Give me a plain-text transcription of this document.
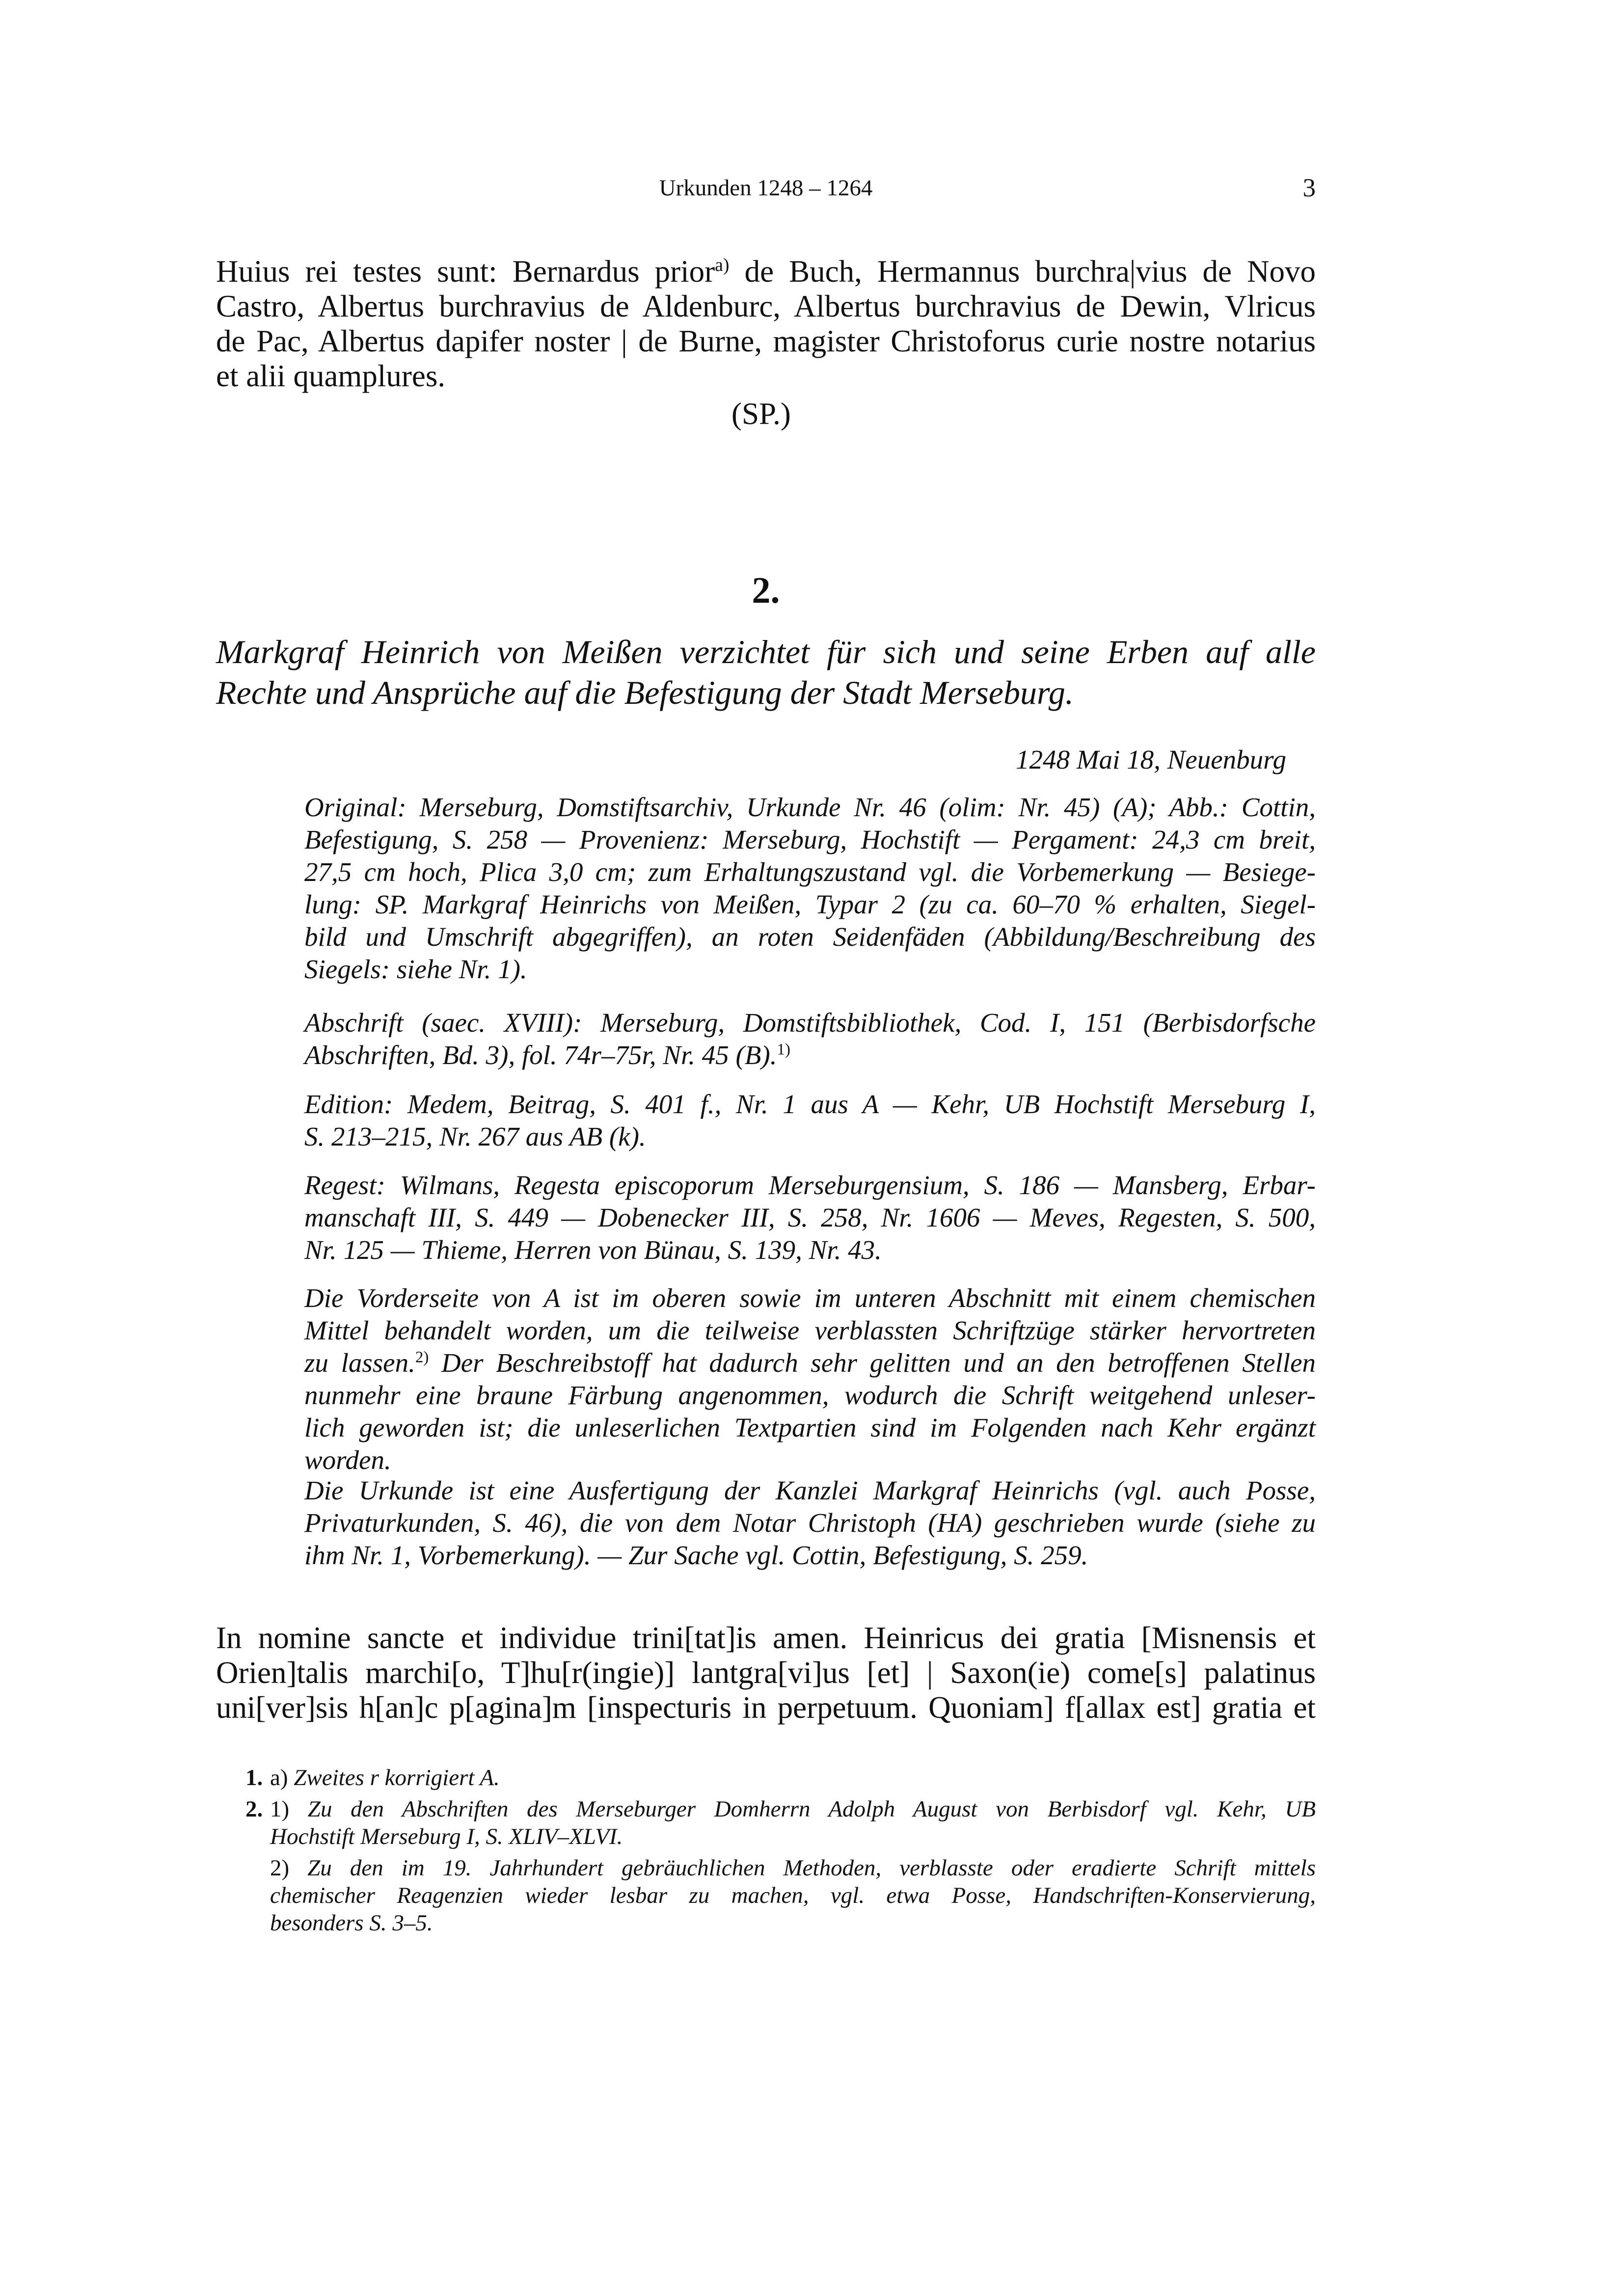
Urkunden 1248 – 1264	3
Huius rei testes sunt: Bernardus prior$^{a)}$ de Buch, Hermannus burchra|vius de Novo
Castro, Albertus burchravius de Aldenburc, Albertus burchravius de Dewin, Vlricus
de Pac, Albertus dapifer noster | de Burne, magister Christoforus curie nostre notarius
et alii quamplures.
(SP.)
2.
Markgraf Heinrich von Meißen verzichtet für sich und seine Erben auf alle
Rechte und Ansprüche auf die Befestigung der Stadt Merseburg.
1248 Mai 18, Neuenburg
Original: Merseburg, Domstiftsarchiv, Urkunde Nr. 46 (olim: Nr. 45) (A); Abb.: Cottin,
Befestigung, S. 258 — Provenienz: Merseburg, Hochstift — Pergament: 24,3 cm breit,
27,5 cm hoch, Plica 3,0 cm; zum Erhaltungszustand vgl. die Vorbemerkung — Besiege-
lung: SP. Markgraf Heinrichs von Meißen, Typar 2 (zu ca. 60–70 % erhalten, Siegel-
bild und Umschrift abgegriffen), an roten Seidenfäden (Abbildung/Beschreibung des
Siegels: siehe Nr. 1).
Abschrift (saec. XVIII): Merseburg, Domstiftsbibliothek, Cod. I, 151 (Berbisdorfsche
Abschriften, Bd. 3), fol. 74r–75r, Nr. 45 (B).$^{1)}$
Edition: Medem, Beitrag, S. 401 f., Nr. 1 aus A — Kehr, UB Hochstift Merseburg I,
S. 213–215, Nr. 267 aus AB (k).
Regest: Wilmans, Regesta episcoporum Merseburgensium, S. 186 — Mansberg, Erbar-
manschaft III, S. 449 — Dobenecker III, S. 258, Nr. 1606 — Meves, Regesten, S. 500,
Nr. 125 — Thieme, Herren von Bünau, S. 139, Nr. 43.
Die Vorderseite von A ist im oberen sowie im unteren Abschnitt mit einem chemischen
Mittel behandelt worden, um die teilweise verblassten Schriftzüge stärker hervortreten
zu lassen.$^{2)}$ Der Beschreibstoff hat dadurch sehr gelitten und an den betroffenen Stellen
nunmehr eine braune Färbung angenommen, wodurch die Schrift weitgehend unleser-
lich geworden ist; die unleserlichen Textpartien sind im Folgenden nach Kehr ergänzt
worden.
Die Urkunde ist eine Ausfertigung der Kanzlei Markgraf Heinrichs (vgl. auch Posse,
Privaturkunden, S. 46), die von dem Notar Christoph (HA) geschrieben wurde (siehe zu
ihm Nr. 1, Vorbemerkung). — Zur Sache vgl. Cottin, Befestigung, S. 259.
In nomine sancte et individue trini[tat]is amen. Heinricus dei gratia [Misnensis et
Orien]talis marchi[o, T]hu[r(ingie)] lantgra[vi]us [et] | Saxon(ie) come[s] palatinus
uni[ver]sis h[an]c p[agina]m [inspecturis in perpetuum. Quoniam] f[allax est] gratia et
1. a) Zweites r korrigiert A.
2. 1) Zu den Abschriften des Merseburger Domherrn Adolph August von Berbisdorf vgl. Kehr, UB
Hochstift Merseburg I, S. XLIV–XLVI.
2) Zu den im 19. Jahrhundert gebräuchlichen Methoden, verblasste oder eradierte Schrift mittels
chemischer Reagenzien wieder lesbar zu machen, vgl. etwa Posse, Handschriften-Konservierung,
besonders S. 3–5.
